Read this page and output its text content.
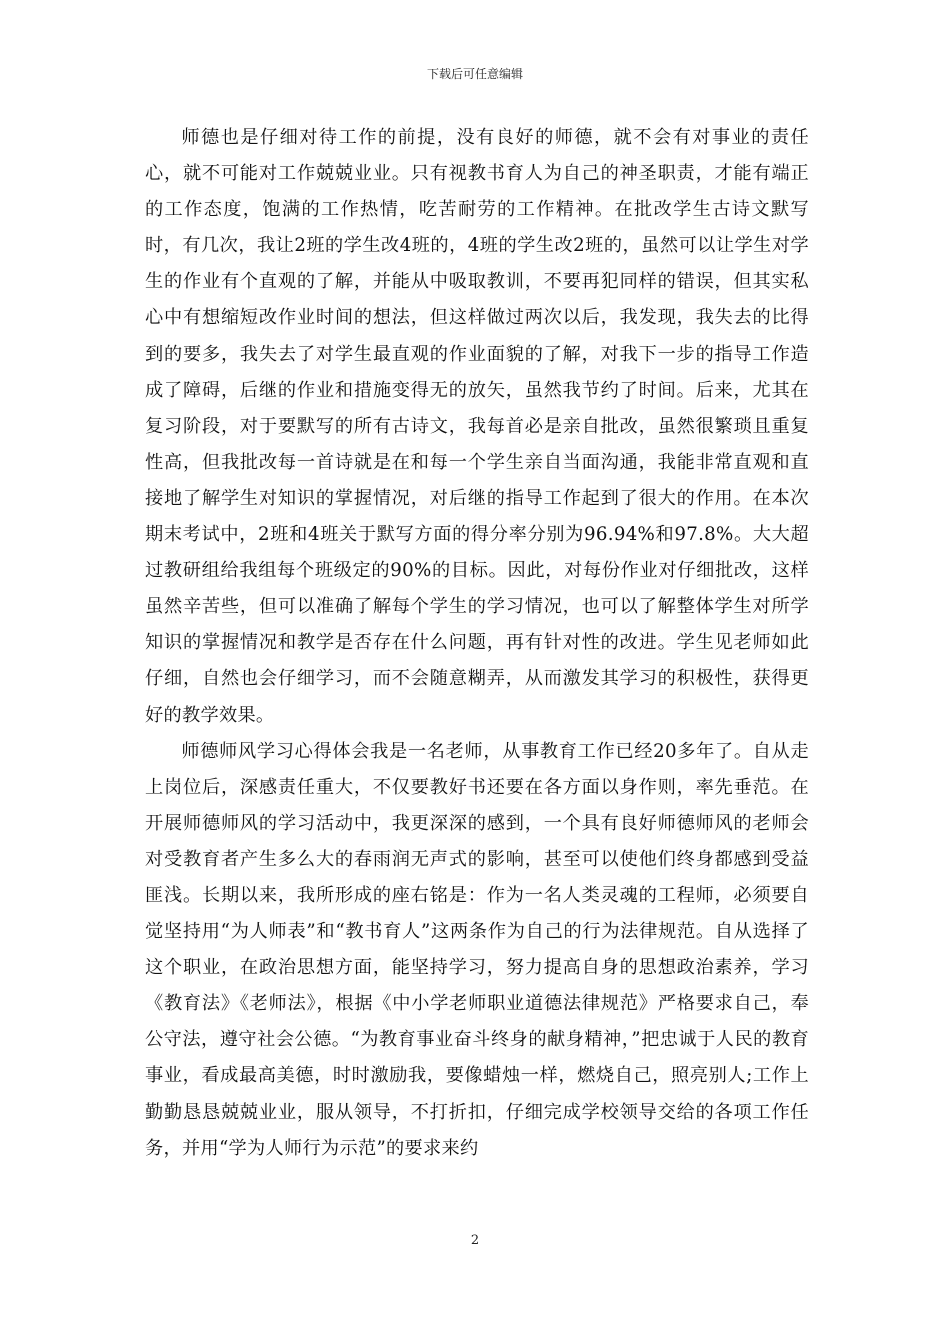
下载后可任意编辑

师德也是仔细对待工作的前提，没有良好的师德，就不会有对事业的责任心，就不可能对工作兢兢业业。只有视教书育人为自己的神圣职责，才能有端正的工作态度，饱满的工作热情，吃苦耐劳的工作精神。在批改学生古诗文默写时，有几次，我让2班的学生改4班的，4班的学生改2班的，虽然可以让学生对学生的作业有个直观的了解，并能从中吸取教训，不要再犯同样的错误，但其实私心中有想缩短改作业时间的想法，但这样做过两次以后，我发现，我失去的比得到的要多，我失去了对学生最直观的作业面貌的了解，对我下一步的指导工作造成了障碍，后继的作业和措施变得无的放矢，虽然我节约了时间。后来，尤其在复习阶段，对于要默写的所有古诗文，我每首必是亲自批改，虽然很繁琐且重复性高，但我批改每一首诗就是在和每一个学生亲自当面沟通，我能非常直观和直接地了解学生对知识的掌握情况，对后继的指导工作起到了很大的作用。在本次期末考试中，2班和4班关于默写方面的得分率分别为96.94%和97.8%。大大超过教研组给我组每个班级定的90%的目标。因此，对每份作业对仔细批改，这样虽然辛苦些，但可以准确了解每个学生的学习情况，也可以了解整体学生对所学知识的掌握情况和教学是否存在什么问题，再有针对性的改进。学生见老师如此仔细，自然也会仔细学习，而不会随意糊弄，从而激发其学习的积极性，获得更好的教学效果。

师德师风学习心得体会我是一名老师，从事教育工作已经20多年了。自从走上岗位后，深感责任重大，不仅要教好书还要在各方面以身作则，率先垂范。在开展师德师风的学习活动中，我更深深的感到，一个具有良好师德师风的老师会对受教育者产生多么大的春雨润无声式的影响，甚至可以使他们终身都感到受益匪浅。长期以来，我所形成的座右铭是：作为一名人类灵魂的工程师，必须要自觉坚持用“为人师表”和“教书育人”这两条作为自己的行为法律规范。自从选择了这个职业，在政治思想方面，能坚持学习，努力提高自身的思想政治素养，学习《教育法》《老师法》，根据《中小学老师职业道德法律规范》严格要求自己，奉公守法，遵守社会公德。“为教育事业奋斗终身的献身精神，”把忠诚于人民的教育事业，看成最高美德，时时激励我，要像蜡烛一样，燃烧自己，照亮别人;工作上勤勤恳恳兢兢业业，服从领导，不打折扣，仔细完成学校领导交给的各项工作任务，并用“学为人师行为示范”的要求来约

2
